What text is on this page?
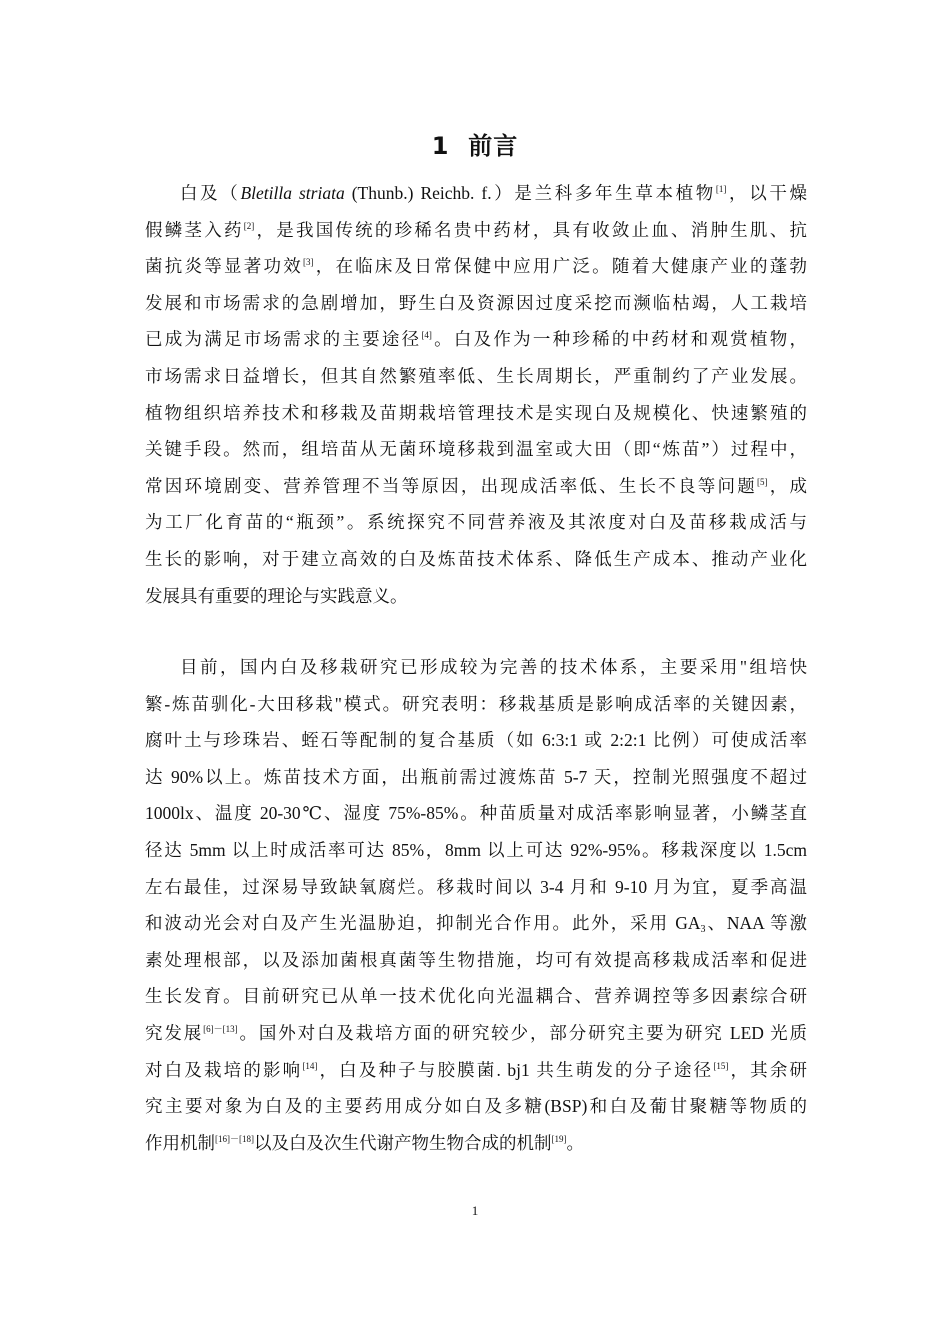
1 前言
白及（Bletilla striata (Thunb.) Reichb. f.）是兰科多年生草本植物[1]，以干燥
假鳞茎入药[2]，是我国传统的珍稀名贵中药材，具有收敛止血、消肿生肌、抗
菌抗炎等显著功效[3]，在临床及日常保健中应用广泛。随着大健康产业的蓬勃
发展和市场需求的急剧增加，野生白及资源因过度采挖而濒临枯竭，人工栽培
已成为满足市场需求的主要途径[4]。白及作为一种珍稀的中药材和观赏植物，
市场需求日益增长，但其自然繁殖率低、生长周期长，严重制约了产业发展。
植物组织培养技术和移栽及苗期栽培管理技术是实现白及规模化、快速繁殖的
关键手段。然而，组培苗从无菌环境移栽到温室或大田（即“炼苗”）过程中，
常因环境剧变、营养管理不当等原因，出现成活率低、生长不良等问题[5]，成
为工厂化育苗的“瓶颈”。系统探究不同营养液及其浓度对白及苗移栽成活与
生长的影响，对于建立高效的白及炼苗技术体系、降低生产成本、推动产业化
发展具有重要的理论与实践意义。
目前，国内白及移栽研究已形成较为完善的技术体系，主要采用"组培快
繁-炼苗驯化-大田移栽"模式。研究表明：移栽基质是影响成活率的关键因素，
腐叶土与珍珠岩、蛭石等配制的复合基质（如 6:3:1 或 2:2:1 比例）可使成活率
达 90%以上。炼苗技术方面，出瓶前需过渡炼苗 5-7 天，控制光照强度不超过
1000lx、温度 20-30℃、湿度 75%-85%。种苗质量对成活率影响显著，小鳞茎直
径达 5mm 以上时成活率可达 85%，8mm 以上可达 92%-95%。移栽深度以 1.5cm
左右最佳，过深易导致缺氧腐烂。移栽时间以 3-4 月和 9-10 月为宜，夏季高温
和波动光会对白及产生光温胁迫，抑制光合作用。此外，采用 $GA_3$、NAA 等激
素处理根部，以及添加菌根真菌等生物措施，均可有效提高移栽成活率和促进
生长发育。目前研究已从单一技术优化向光温耦合、营养调控等多因素综合研
究发展[6]－[13]。国外对白及栽培方面的研究较少，部分研究主要为研究 LED 光质
对白及栽培的影响[14]，白及种子与胶膜菌. bj1 共生萌发的分子途径[15]，其余研
究主要对象为白及的主要药用成分如白及多糖(BSP)和白及葡甘聚糖等物质的
作用机制[16]－[18]以及白及次生代谢产物生物合成的机制[19]。
1
